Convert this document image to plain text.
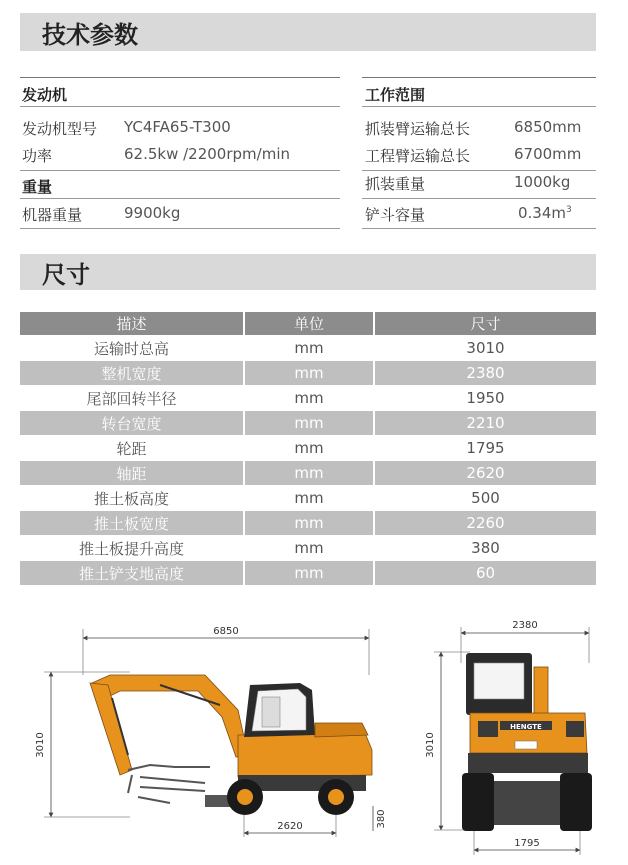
技术参数
发动机
发动机型号 YC4FA65-T300
功率	62.5kw /2200rpm/min
重量
机器重量	9900kg
工作范围
抓装臂运输总长	6850mm
工程臂运输总长	6700mm
抓装重量	1000kg
铲斗容量	$0.34m^3$
尺寸
描述	单位	尺寸
运输时总高	mm	3010
整机宽度	mm	2380
尾部回转半径	mm	1950
转台宽度	mm	2210
轮距	mm	1795
轴距	mm	2620
推土板高度	mm	500
推土板宽度	mm	2260
推土板提升高度	mm	380
推土铲支地高度	mm	60
6850
3010
2620	380
2380
3010
1795
HENGTE
